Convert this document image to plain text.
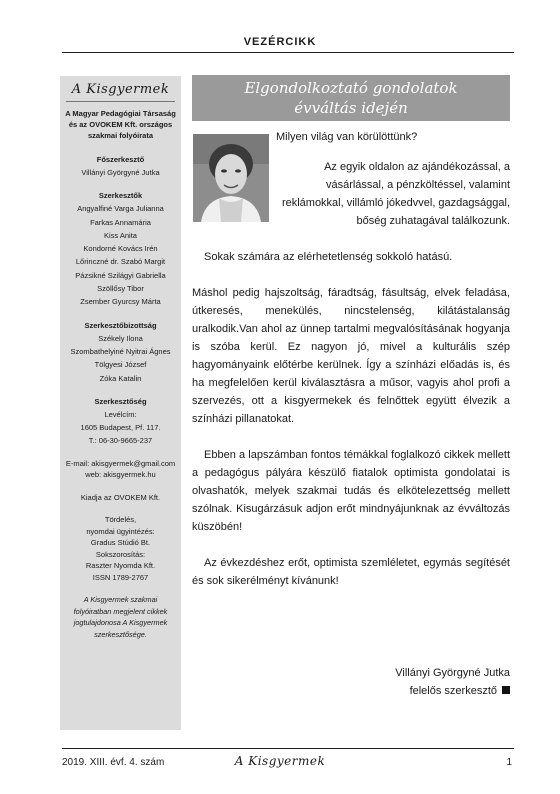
VEZÉRCIKK
A Kisgyermek
A Magyar Pedagógiai Társaság és az OVOKEM Kft. országos szakmai folyóirata
Főszerkesztő
Villányi Györgyné Jutka
Szerkesztők
Angyalfiné Varga Julianna
Farkas Annamária
Kiss Anita
Kondorné Kovács Irén
Lőrinczné dr. Szabó Margit
Pázsikné Szilágyi Gabriella
Szöllősy Tibor
Zsember Gyurcsy Márta
Szerkesztőbizottság
Székely Ilona
Szombathelyiné Nyitrai Ágnes
Tölgyesi József
Zóka Katalin
Szerkesztőség
Levélcím:
1605 Budapest, Pf. 117.
T.: 06-30-9665-237
E-mail: akisgyermek@gmail.com
web: akisgyermek.hu
Kiadja az OVOKEM Kft.
Tördelés,
nyomdai ügyintézés:
Gradus Stúdió Bt.
Sokszorosítás:
Raszter Nyomda Kft.
ISSN 1789-2767
A Kisgyermek szakmai folyóiratban megjelent cikkek jogtulajdonosa A Kisgyermek szerkesztősége.
Elgondolkoztató gondolatok
évváltás idején

Milyen világ van körülöttünk?

Az egyik oldalon az ajándékozással, a vásárlással, a pénzköltéssel, valamint reklámokkal, villámló jókedvvel, gazdagsággal, bőség zuhatagával találkozunk.

Sokak számára az elérhetetlenség sokkoló hatású.

Máshol pedig hajszoltság, fáradtság, fásultság, elvek feladása, útkeresés, menekülés, nincstelenség, kilátástalanság uralkodik.Van ahol az ünnep tartalmi megvalósításának hogyanja is szóba kerül. Ez nagyon jó, mivel a kulturális szép hagyományaink előtérbe kerülnek. Így a színházi előadás is, és ha megfelelően kerül kiválasztásra a műsor, vagyis ahol profi a szervezés, ott a kisgyermekek és felnőttek együtt élvezik a színházi pillanatokat.

Ebben a lapszámban fontos témákkal foglalkozó cikkek mellett a pedagógus pályára készülő fiatalok optimista gondolatai is olvashatók, melyek szakmai tudás és elkötelezettség mellett szólnak. Kisugárzásuk adjon erőt mindnyájunknak az évváltozás küszöbén!

Az évkezdéshez erőt, optimista szemléletet, egymás segítését és sok sikerélményt kívánunk!

Villányi Györgyné Jutka
felelős szerkesztő
2019. XIII. évf. 4. szám	A Kisgyermek	1
